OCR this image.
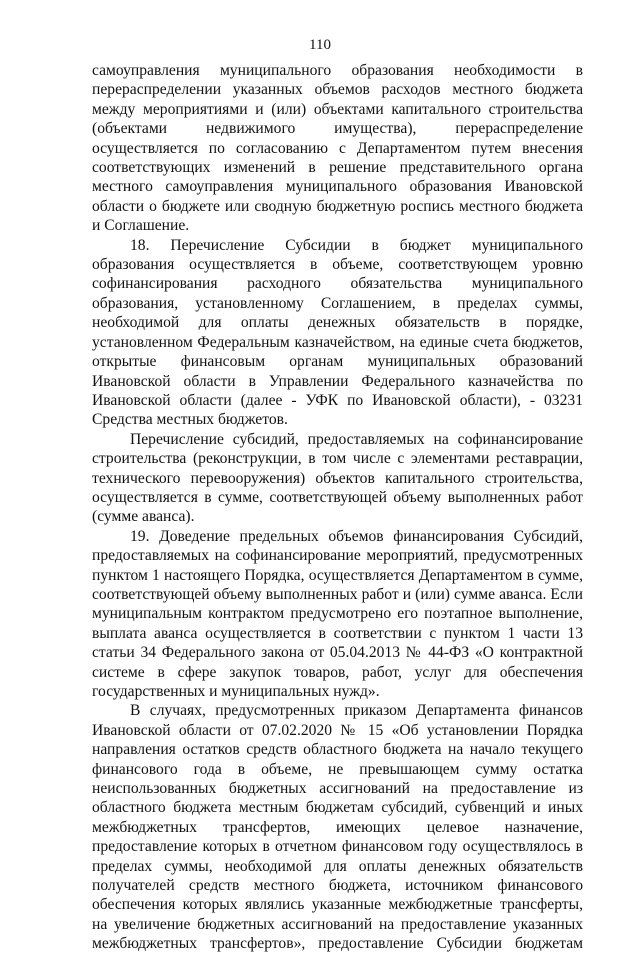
110

самоуправления муниципального образования необходимости в перераспределении указанных объемов расходов местного бюджета между мероприятиями и (или) объектами капитального строительства (объектами недвижимого имущества), перераспределение осуществляется по согласованию с Департаментом путем внесения соответствующих изменений в решение представительного органа местного самоуправления муниципального образования Ивановской области о бюджете или сводную бюджетную роспись местного бюджета и Соглашение.

18. Перечисление Субсидии в бюджет муниципального образования осуществляется в объеме, соответствующем уровню софинансирования расходного обязательства муниципального образования, установленному Соглашением, в пределах суммы, необходимой для оплаты денежных обязательств в порядке, установленном Федеральным казначейством, на единые счета бюджетов, открытые финансовым органам муниципальных образований Ивановской области в Управлении Федерального казначейства по Ивановской области (далее - УФК по Ивановской области), - 03231 Средства местных бюджетов.

Перечисление субсидий, предоставляемых на софинансирование строительства (реконструкции, в том числе с элементами реставрации, технического перевооружения) объектов капитального строительства, осуществляется в сумме, соответствующей объему выполненных работ (сумме аванса).

19. Доведение предельных объемов финансирования Субсидий, предоставляемых на софинансирование мероприятий, предусмотренных пунктом 1 настоящего Порядка, осуществляется Департаментом в сумме, соответствующей объему выполненных работ и (или) сумме аванса. Если муниципальным контрактом предусмотрено его поэтапное выполнение, выплата аванса осуществляется в соответствии с пунктом 1 части 13 статьи 34 Федерального закона от 05.04.2013 № 44-ФЗ «О контрактной системе в сфере закупок товаров, работ, услуг для обеспечения государственных и муниципальных нужд».

В случаях, предусмотренных приказом Департамента финансов Ивановской области от 07.02.2020 № 15 «Об установлении Порядка направления остатков средств областного бюджета на начало текущего финансового года в объеме, не превышающем сумму остатка неиспользованных бюджетных ассигнований на предоставление из областного бюджета местным бюджетам субсидий, субвенций и иных межбюджетных трансфертов, имеющих целевое назначение, предоставление которых в отчетном финансовом году осуществлялось в пределах суммы, необходимой для оплаты денежных обязательств получателей средств местного бюджета, источником финансового обеспечения которых являлись указанные межбюджетные трансферты, на увеличение бюджетных ассигнований на предоставление указанных межбюджетных трансфертов», предоставление Субсидии бюджетам
